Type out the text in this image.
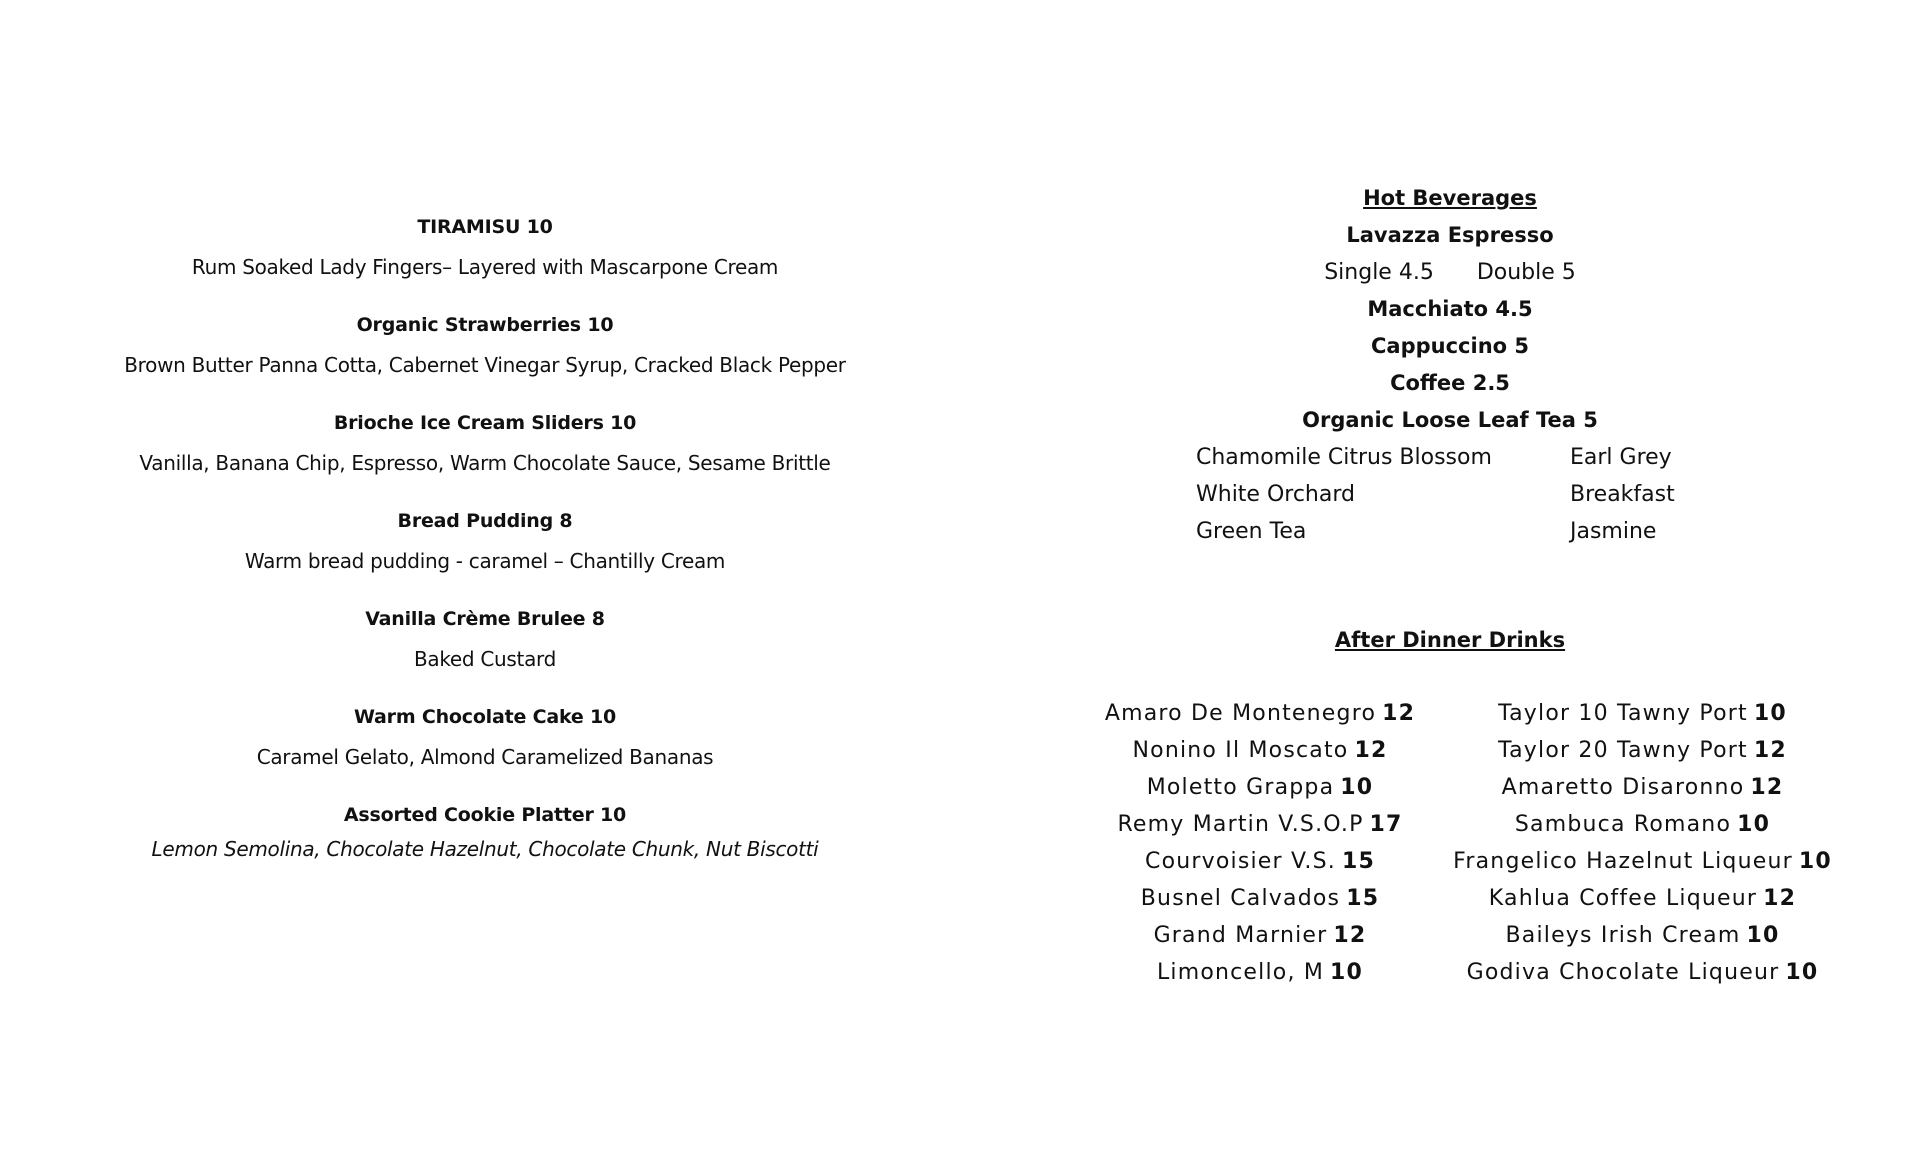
TIRAMISU 10
Rum Soaked Lady Fingers– Layered with Mascarpone Cream
Organic Strawberries 10
Brown Butter Panna Cotta, Cabernet Vinegar Syrup, Cracked Black Pepper
Brioche Ice Cream Sliders 10
Vanilla, Banana Chip, Espresso, Warm Chocolate Sauce, Sesame Brittle
Bread Pudding 8
Warm bread pudding - caramel – Chantilly Cream
Vanilla Crème Brulee 8
Baked Custard
Warm Chocolate Cake 10
Caramel Gelato, Almond Caramelized Bananas
Assorted Cookie Platter 10
Lemon Semolina, Chocolate Hazelnut, Chocolate Chunk, Nut Biscotti
Hot Beverages
Lavazza Espresso
Single 4.5 Double 5
Macchiato 4.5
Cappuccino 5
Coffee 2.5
Organic Loose Leaf Tea 5
Chamomile Citrus Blossom	Earl Grey
White Orchard	Breakfast
Green Tea	Jasmine
After Dinner Drinks
Amaro De Montenegro 12
Nonino Il Moscato 12
Moletto Grappa 10
Remy Martin V.S.O.P 17
Courvoisier V.S. 15
Busnel Calvados 15
Grand Marnier 12
Limoncello, M 10
Taylor 10 Tawny Port 10
Taylor 20 Tawny Port 12
Amaretto Disaronno 12
Sambuca Romano 10
Frangelico Hazelnut Liqueur 10
Kahlua Coffee Liqueur 12
Baileys Irish Cream 10
Godiva Chocolate Liqueur 10
